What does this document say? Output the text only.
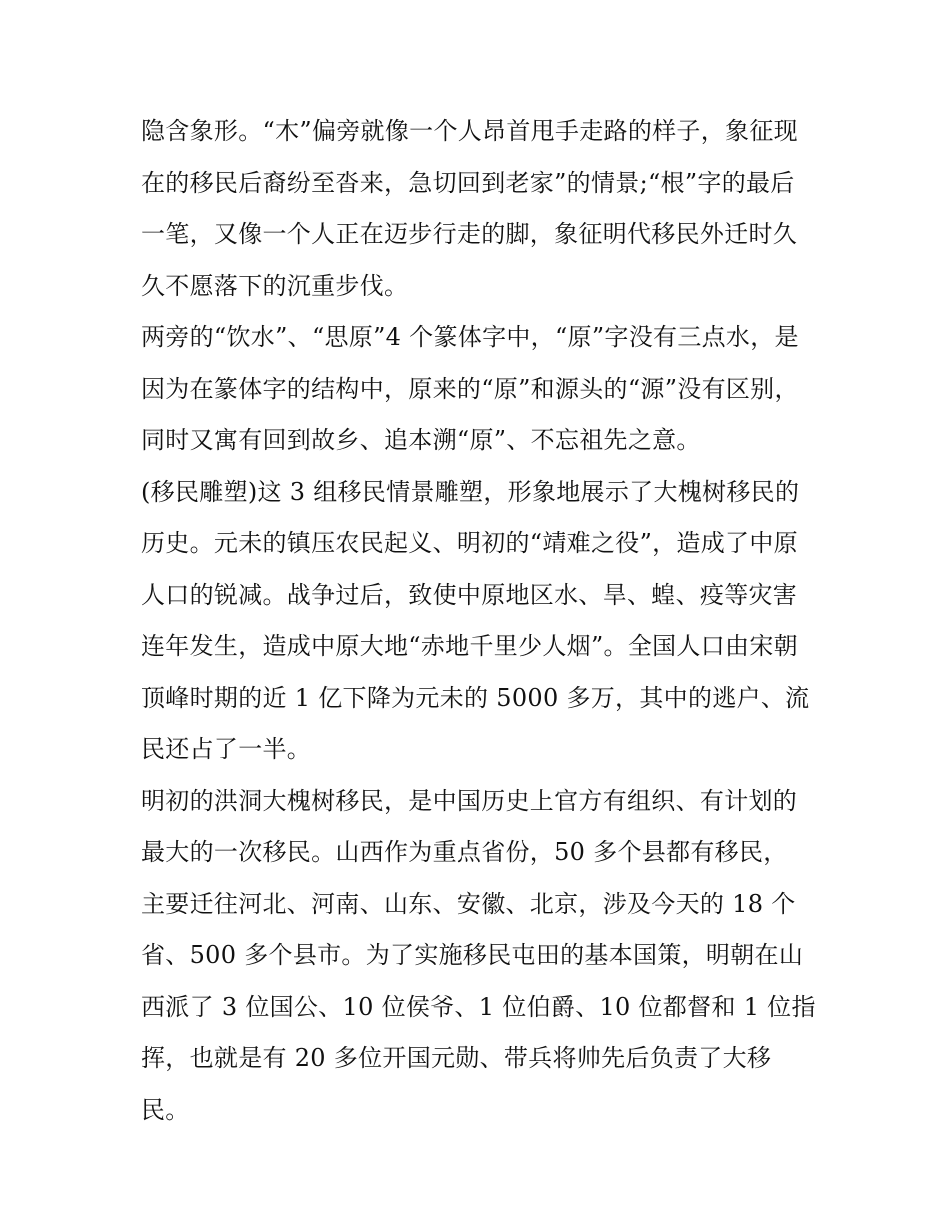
隐含象形。“木”偏旁就像一个人昂首甩手走路的样子，象征现
在的移民后裔纷至沓来，急切回到老家”的情景;“根”字的最后
一笔，又像一个人正在迈步行走的脚，象征明代移民外迁时久
久不愿落下的沉重步伐。
两旁的“饮水”、“思原”4 个篆体字中，“原”字没有三点水，是
因为在篆体字的结构中，原来的“原”和源头的“源”没有区别，
同时又寓有回到故乡、追本溯“原”、不忘祖先之意。
(移民雕塑)这 3 组移民情景雕塑，形象地展示了大槐树移民的
历史。元未的镇压农民起义、明初的“靖难之役”，造成了中原
人口的锐减。战争过后，致使中原地区水、旱、蝗、疫等灾害
连年发生，造成中原大地“赤地千里少人烟”。全国人口由宋朝
顶峰时期的近 1 亿下降为元未的 5000 多万，其中的逃户、流
民还占了一半。
明初的洪洞大槐树移民，是中国历史上官方有组织、有计划的
最大的一次移民。山西作为重点省份，50 多个县都有移民，
主要迁往河北、河南、山东、安徽、北京，涉及今天的 18 个
省、500 多个县市。为了实施移民屯田的基本国策，明朝在山
西派了 3 位国公、10 位侯爷、1 位伯爵、10 位都督和 1 位指
挥，也就是有 20 多位开国元勋、带兵将帅先后负责了大移
民。
